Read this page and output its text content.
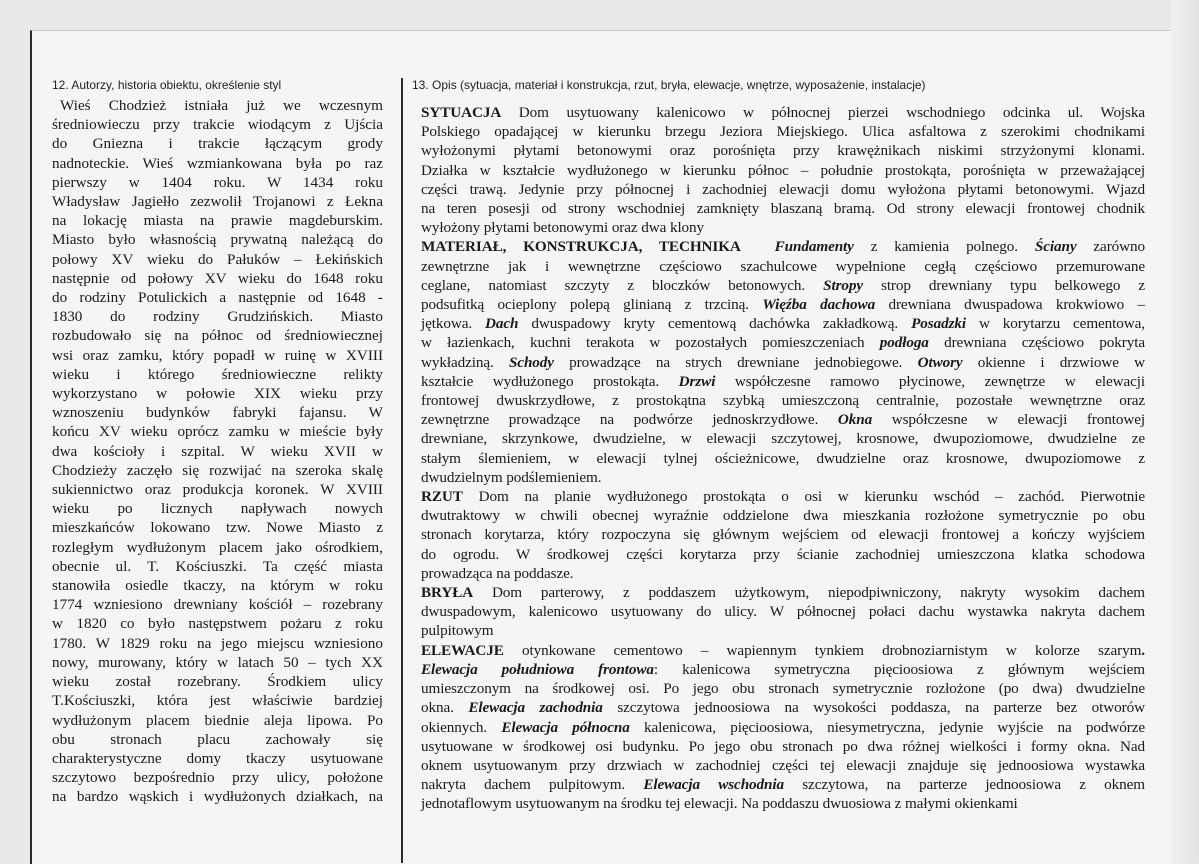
12. Autorzy, historia obiektu, określenie styl	13. Opis (sytuacja, materiał i konstrukcja, rzut, bryła, elewacje, wnętrze, wyposażenie, instalacje)

Wieś Chodzież istniała już we wczesnym

średniowieczu przy trakcie wiodącym z Ujścia

do Gniezna i trakcie łączącym grody

nadnoteckie. Wieś wzmiankowana była po raz

pierwszy w 1404 roku. W 1434 roku

Władysław Jagiełło zezwolił Trojanowi z Łekna

na lokację miasta na prawie magdeburskim.

Miasto było własnością prywatną należącą do

połowy XV wieku do Pałuków – Łekińskich

następnie od połowy XV wieku do 1648 roku

do rodziny Potulickich a następnie od 1648 -

1830 do rodziny Grudzińskich. Miasto

rozbudowało się na północ od średniowiecznej

wsi oraz zamku, który popadł w ruinę w XVIII

wieku i którego średniowieczne relikty

wykorzystano w połowie XIX wieku przy

wznoszeniu budynków fabryki fajansu. W

końcu XV wieku oprócz zamku w mieście były

dwa kościoły i szpital. W wieku XVII w

Chodzieży zaczęło się rozwijać na szeroka skalę

sukiennictwo oraz produkcja koronek. W XVIII

wieku po licznych napływach nowych

mieszkańców lokowano tzw. Nowe Miasto z

rozległym wydłużonym placem jako ośrodkiem,

obecnie ul. T. Kościuszki. Ta część miasta

stanowiła osiedle tkaczy, na którym w roku

1774 wzniesiono drewniany kościół – rozebrany

w 1820 co było następstwem pożaru z roku

1780. W 1829 roku na jego miejscu wzniesiono

nowy, murowany, który w latach 50 – tych XX

wieku został rozebrany. Środkiem ulicy

T.Kościuszki, która jest właściwie bardziej

wydłużonym placem biednie aleja lipowa. Po

obu stronach placu zachowały się

charakterystyczne domy tkaczy usytuowane

szczytowo bezpośrednio przy ulicy, położone

na bardzo wąskich i wydłużonych działkach, na

SYTUACJA Dom usytuowany kalenicowo w północnej pierzei wschodniego odcinka ul. Wojska

Polskiego opadającej w kierunku brzegu Jeziora Miejskiego. Ulica asfaltowa z szerokimi chodnikami

wyłożonymi płytami betonowymi oraz porośnięta przy krawężnikach niskimi strzyżonymi klonami.

Działka w kształcie wydłużonego w kierunku północ – południe prostokąta, porośnięta w przeważającej

części trawą. Jedynie przy północnej i zachodniej elewacji domu wyłożona płytami betonowymi. Wjazd

na teren posesji od strony wschodniej zamknięty blaszaną bramą. Od strony elewacji frontowej chodnik

wyłożony płytami betonowymi oraz dwa klony

MATERIAŁ, KONSTRUKCJA, TECHNIKA Fundamenty z kamienia polnego. Ściany zarówno

zewnętrzne jak i wewnętrzne częściowo szachulcowe wypełnione cegłą częściowo przemurowane

ceglane, natomiast szczyty z bloczków betonowych. Stropy strop drewniany typu belkowego z

podsufitką ocieplony polepą glinianą z trzciną. Więźba dachowa drewniana dwuspadowa krokwiowo –

jętkowa. Dach dwuspadowy kryty cementową dachówka zakładkową. Posadzki w korytarzu cementowa,

w łazienkach, kuchni terakota w pozostałych pomieszczeniach podłoga drewniana częściowo pokryta

wykładziną. Schody prowadzące na strych drewniane jednobiegowe. Otwory okienne i drzwiowe w

kształcie wydłużonego prostokąta. Drzwi współczesne ramowo płycinowe, zewnętrze w elewacji

frontowej dwuskrzydłowe, z prostokątna szybką umieszczoną centralnie, pozostałe wewnętrzne oraz

zewnętrzne prowadzące na podwórze jednoskrzydłowe. Okna współczesne w elewacji frontowej

drewniane, skrzynkowe, dwudzielne, w elewacji szczytowej, krosnowe, dwupoziomowe, dwudzielne ze

stałym ślemieniem, w elewacji tylnej ościeżnicowe, dwudzielne oraz krosnowe, dwupoziomowe z

dwudzielnym podślemieniem.

RZUT Dom na planie wydłużonego prostokąta o osi w kierunku wschód – zachód. Pierwotnie

dwutraktowy w chwili obecnej wyraźnie oddzielone dwa mieszkania rozłożone symetrycznie po obu

stronach korytarza, który rozpoczyna się głównym wejściem od elewacji frontowej a kończy wyjściem

do ogrodu. W środkowej części korytarza przy ścianie zachodniej umieszczona klatka schodowa

prowadząca na poddasze.

BRYŁA Dom parterowy, z poddaszem użytkowym, niepodpiwniczony, nakryty wysokim dachem

dwuspadowym, kalenicowo usytuowany do ulicy. W północnej połaci dachu wystawka nakryta dachem

pulpitowym

ELEWACJE otynkowane cementowo – wapiennym tynkiem drobnoziarnistym w kolorze szarym.

Elewacja południowa frontowa: kalenicowa symetryczna pięcioosiowa z głównym wejściem

umieszczonym na środkowej osi. Po jego obu stronach symetrycznie rozłożone (po dwa) dwudzielne

okna. Elewacja zachodnia szczytowa jednoosiowa na wysokości poddasza, na parterze bez otworów

okiennych. Elewacja północna kalenicowa, pięcioosiowa, niesymetryczna, jedynie wyjście na podwórze

usytuowane w środkowej osi budynku. Po jego obu stronach po dwa różnej wielkości i formy okna. Nad

oknem usytuowanym przy drzwiach w zachodniej części tej elewacji znajduje się jednoosiowa wystawka

nakryta dachem pulpitowym. Elewacja wschodnia szczytowa, na parterze jednoosiowa z oknem

jednotaflowym usytuowanym na środku tej elewacji. Na poddaszu dwuosiowa z małymi okienkami
